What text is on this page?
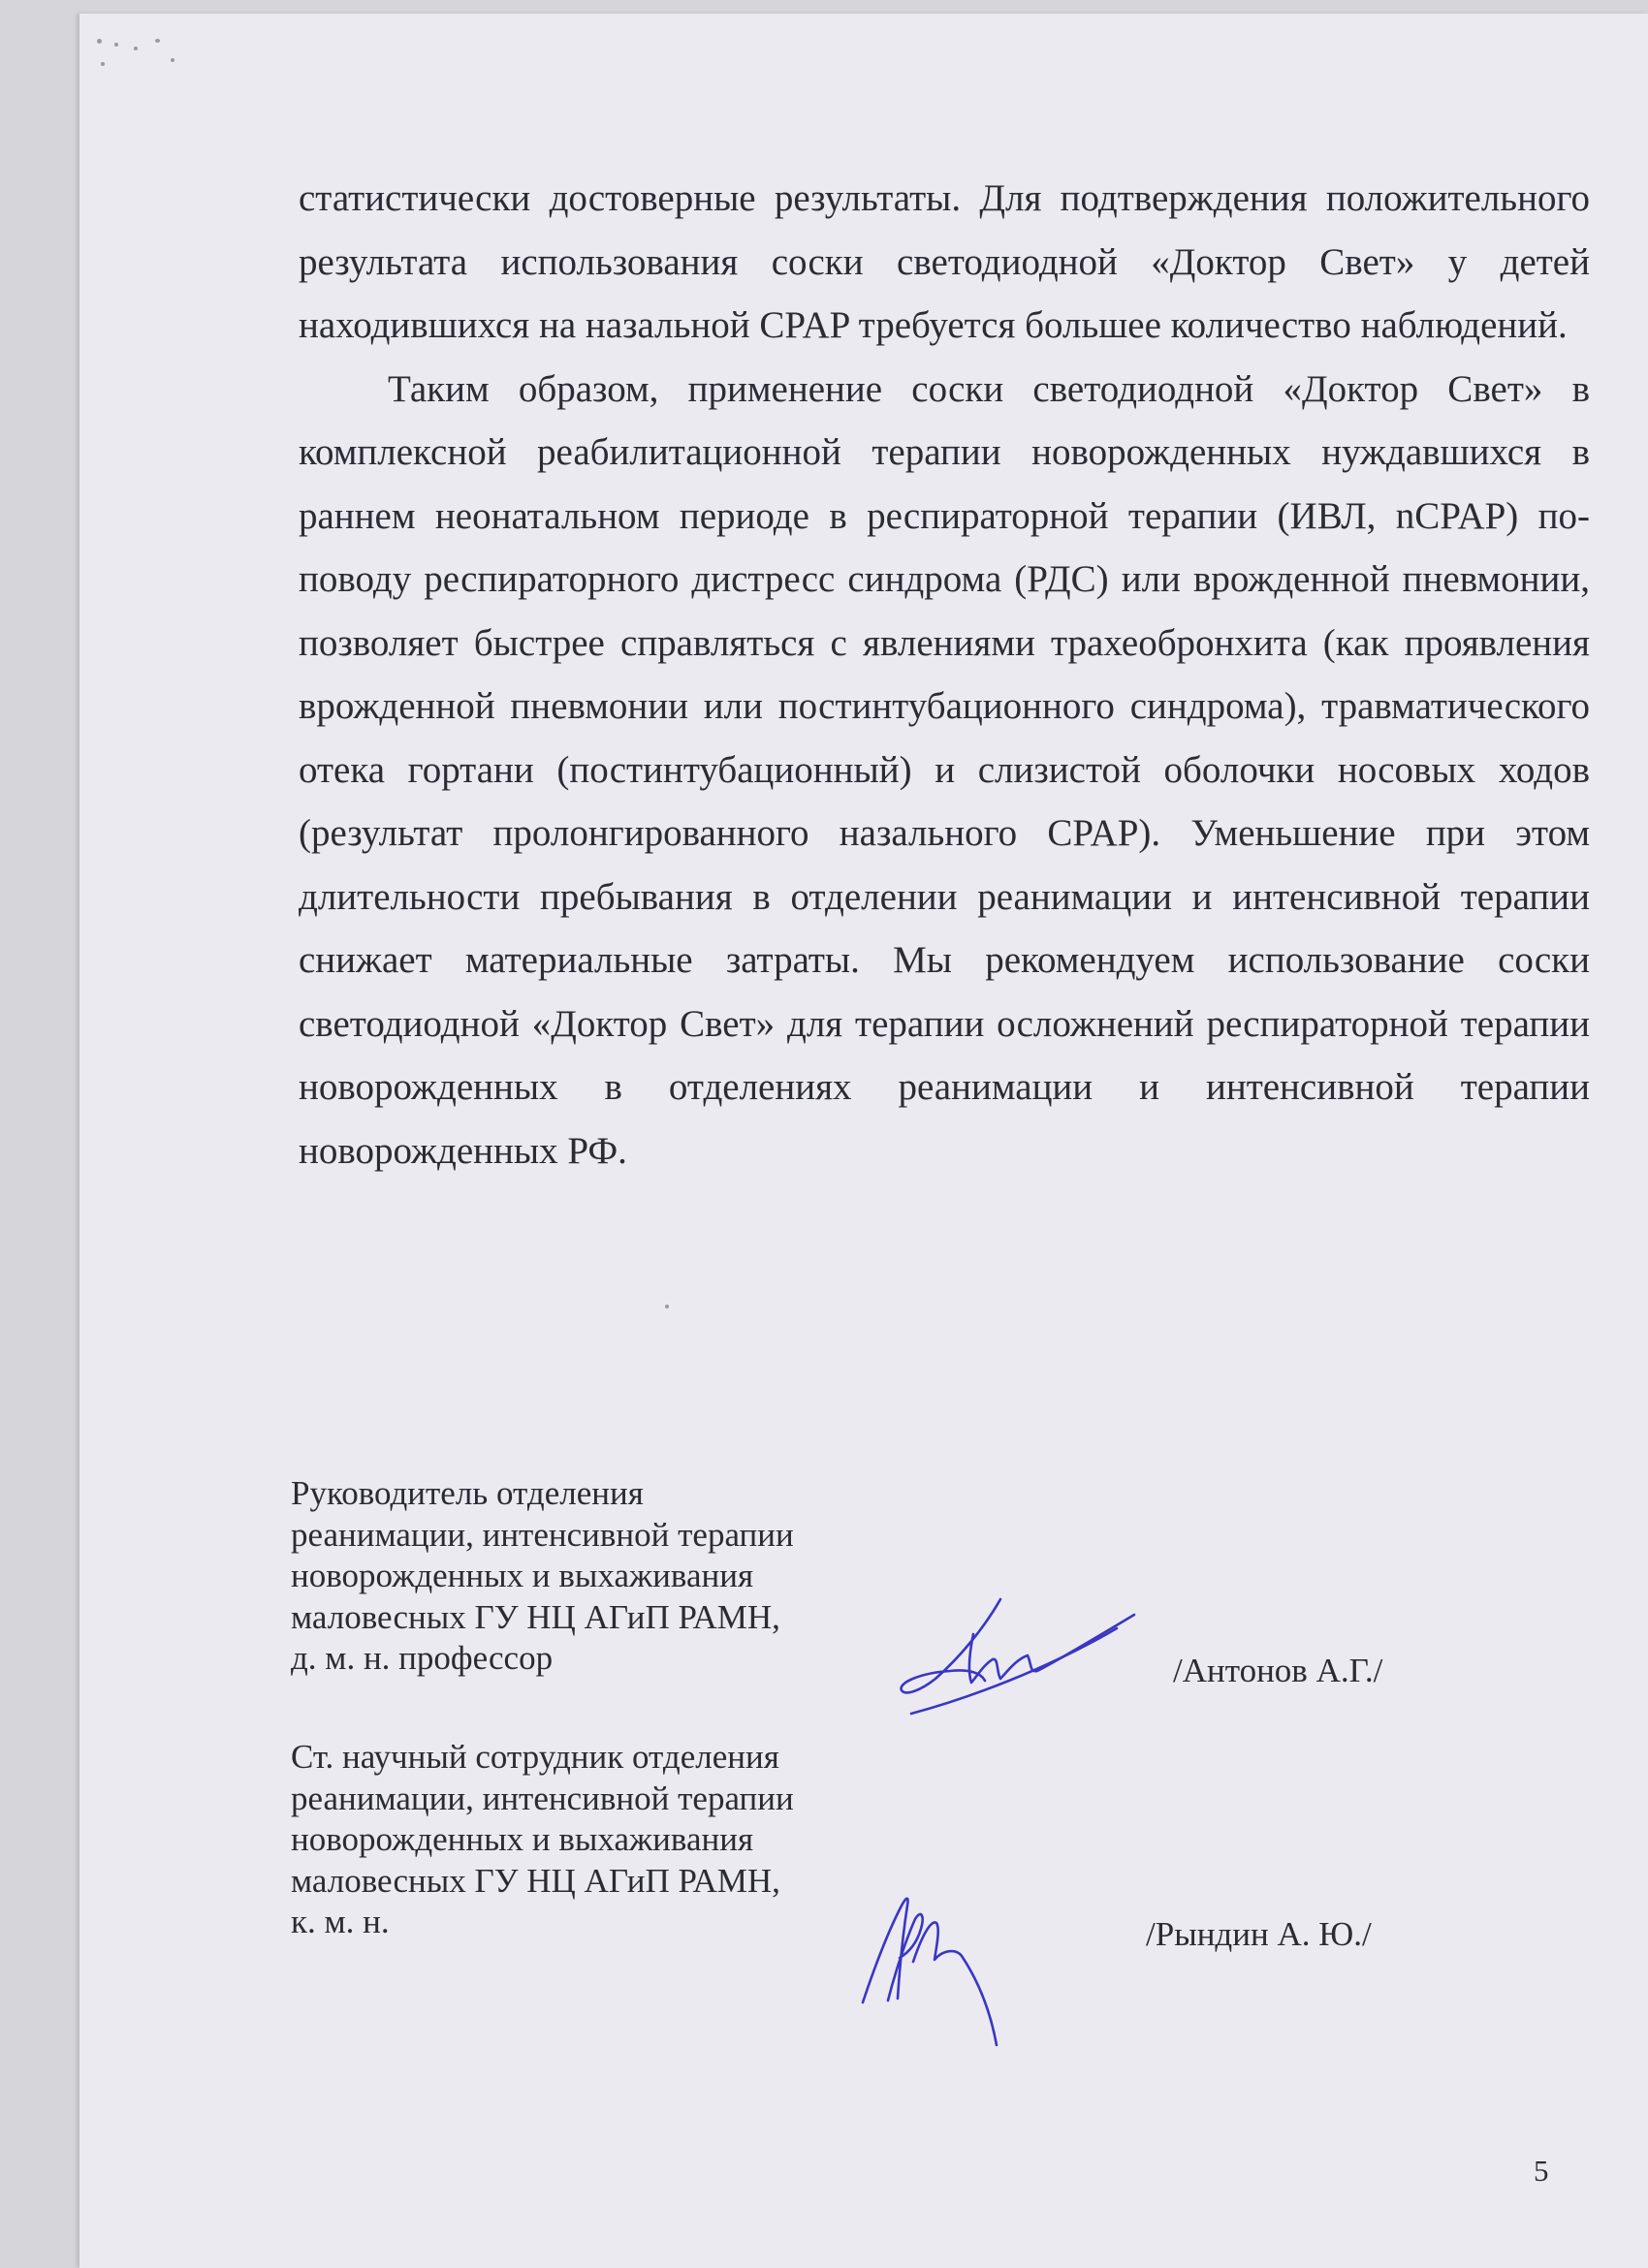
статистически достоверные результаты. Для подтверждения положительного результата использования соски светодиодной «Доктор Свет» у детей находившихся на назальной CPAP требуется большее количество наблюдений.

Таким образом, применение соски светодиодной «Доктор Свет» в комплексной реабилитационной терапии новорожденных нуждавшихся в раннем неонатальном периоде в респираторной терапии (ИВЛ, nCPAP) по-поводу респираторного дистресс синдрома (РДС) или врожденной пневмонии, позволяет быстрее справляться с явлениями трахеобронхита (как проявления врожденной пневмонии или постинтубационного синдрома), травматического отека гортани (постинтубационный) и слизистой оболочки носовых ходов (результат пролонгированного назального CPAP). Уменьшение при этом длительности пребывания в отделении реанимации и интенсивной терапии снижает материальные затраты. Мы рекомендуем использование соски светодиодной «Доктор Свет» для терапии осложнений респираторной терапии новорожденных в отделениях реанимации и интенсивной терапии новорожденных РФ.

Руководитель отделения
реанимации, интенсивной терапии
новорожденных и выхаживания
маловесных ГУ НЦ АГиП РАМН,
д. м. н. профессор	/Антонов А.Г./
Ст. научный сотрудник отделения
реанимации, интенсивной терапии
новорожденных и выхаживания
маловесных ГУ НЦ АГиП РАМН,
к. м. н.	/Рындин А. Ю./
5
